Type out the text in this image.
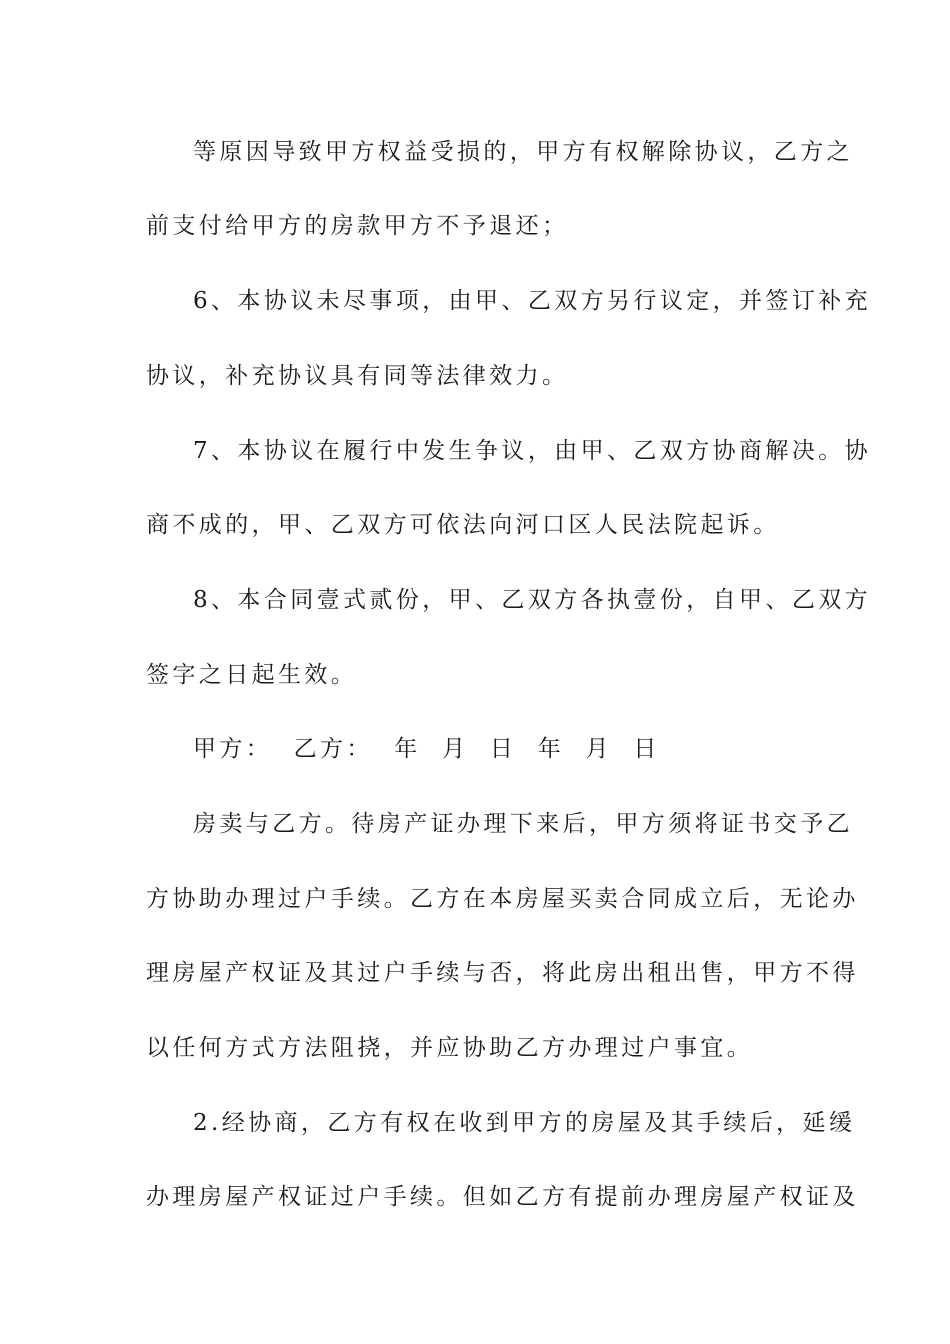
等原因导致甲方权益受损的，甲方有权解除协议，乙方之

前支付给甲方的房款甲方不予退还；

6、本协议未尽事项，由甲、乙双方另行议定，并签订补充

协议，补充协议具有同等法律效力。

7、本协议在履行中发生争议，由甲、乙双方协商解决。协

商不成的，甲、乙双方可依法向河口区人民法院起诉。

8、本合同壹式贰份，甲、乙双方各执壹份，自甲、乙双方

签字之日起生效。

甲方：  乙方：  年  月  日  年  月  日

房卖与乙方。待房产证办理下来后，甲方须将证书交予乙

方协助办理过户手续。乙方在本房屋买卖合同成立后，无论办

理房屋产权证及其过户手续与否，将此房出租出售，甲方不得

以任何方式方法阻挠，并应协助乙方办理过户事宜。

2.经协商，乙方有权在收到甲方的房屋及其手续后，延缓

办理房屋产权证过户手续。但如乙方有提前办理房屋产权证及
